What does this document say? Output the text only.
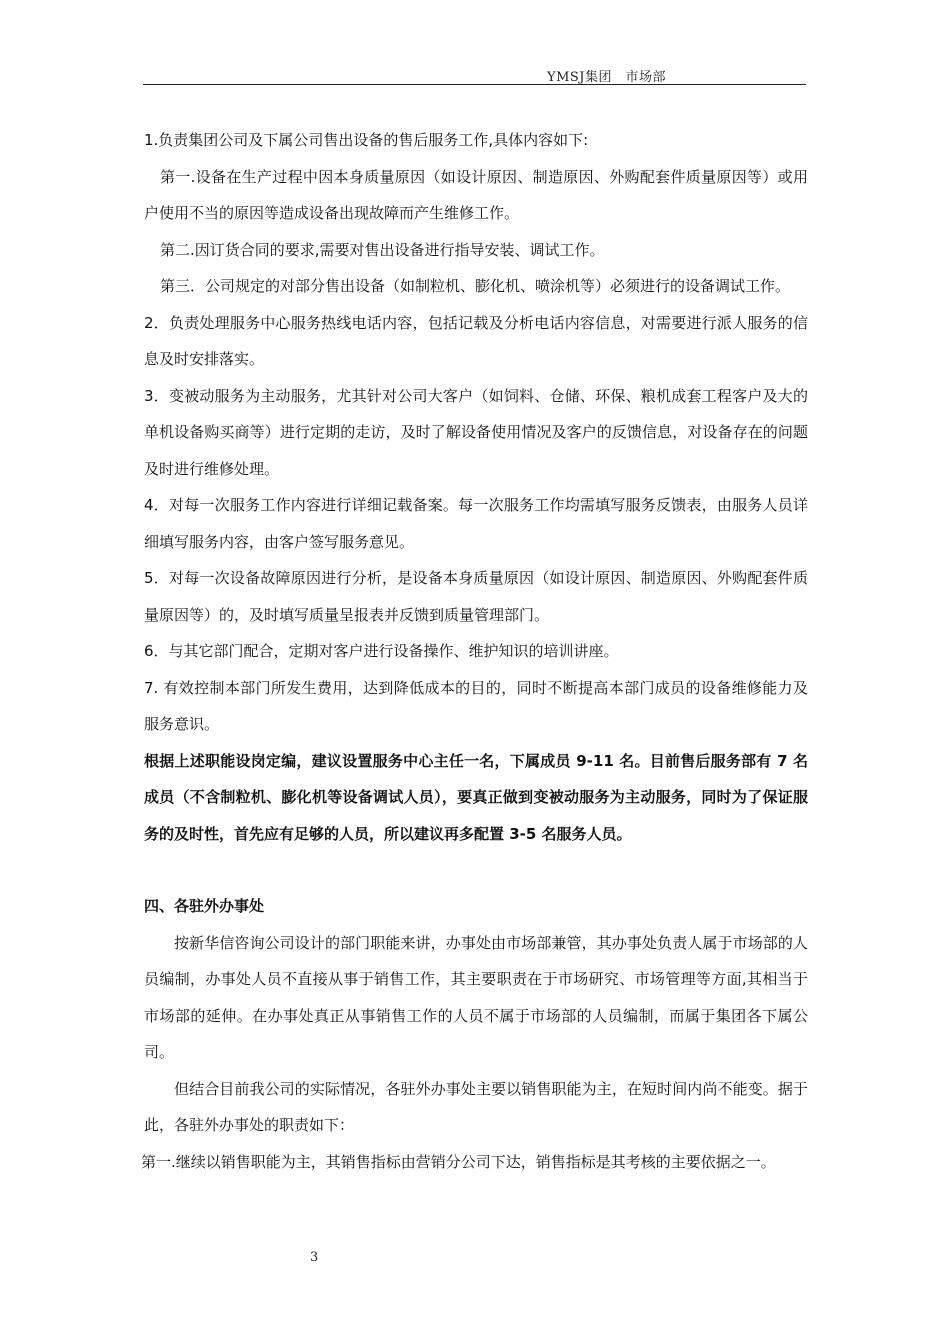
YMSJ集团　市场部

1.负责集团公司及下属公司售出设备的售后服务工作,具体内容如下:

第一.设备在生产过程中因本身质量原因（如设计原因、制造原因、外购配套件质量原因等）或用户使用不当的原因等造成设备出现故障而产生维修工作。

第二.因订货合同的要求,需要对售出设备进行指导安装、调试工作。

第三．公司规定的对部分售出设备（如制粒机、膨化机、喷涂机等）必须进行的设备调试工作。

2．负责处理服务中心服务热线电话内容，包括记载及分析电话内容信息，对需要进行派人服务的信息及时安排落实。

3．变被动服务为主动服务，尤其针对公司大客户（如饲料、仓储、环保、粮机成套工程客户及大的单机设备购买商等）进行定期的走访，及时了解设备使用情况及客户的反馈信息，对设备存在的问题及时进行维修处理。

4．对每一次服务工作内容进行详细记载备案。每一次服务工作均需填写服务反馈表，由服务人员详细填写服务内容，由客户签写服务意见。

5．对每一次设备故障原因进行分析，是设备本身质量原因（如设计原因、制造原因、外购配套件质量原因等）的，及时填写质量呈报表并反馈到质量管理部门。

6．与其它部门配合，定期对客户进行设备操作、维护知识的培训讲座。

7. 有效控制本部门所发生费用，达到降低成本的目的，同时不断提高本部门成员的设备维修能力及服务意识。

根据上述职能设岗定编，建议设置服务中心主任一名，下属成员 9-11 名。目前售后服务部有 7 名成员（不含制粒机、膨化机等设备调试人员），要真正做到变被动服务为主动服务，同时为了保证服务的及时性，首先应有足够的人员，所以建议再多配置 3-5 名服务人员。

四、各驻外办事处

按新华信咨询公司设计的部门职能来讲，办事处由市场部兼管，其办事处负责人属于市场部的人员编制，办事处人员不直接从事于销售工作，其主要职责在于市场研究、市场管理等方面,其相当于市场部的延伸。在办事处真正从事销售工作的人员不属于市场部的人员编制，而属于集团各下属公司。

但结合目前我公司的实际情况，各驻外办事处主要以销售职能为主，在短时间内尚不能变。据于此，各驻外办事处的职责如下：

第一.继续以销售职能为主，其销售指标由营销分公司下达，销售指标是其考核的主要依据之一。

3
